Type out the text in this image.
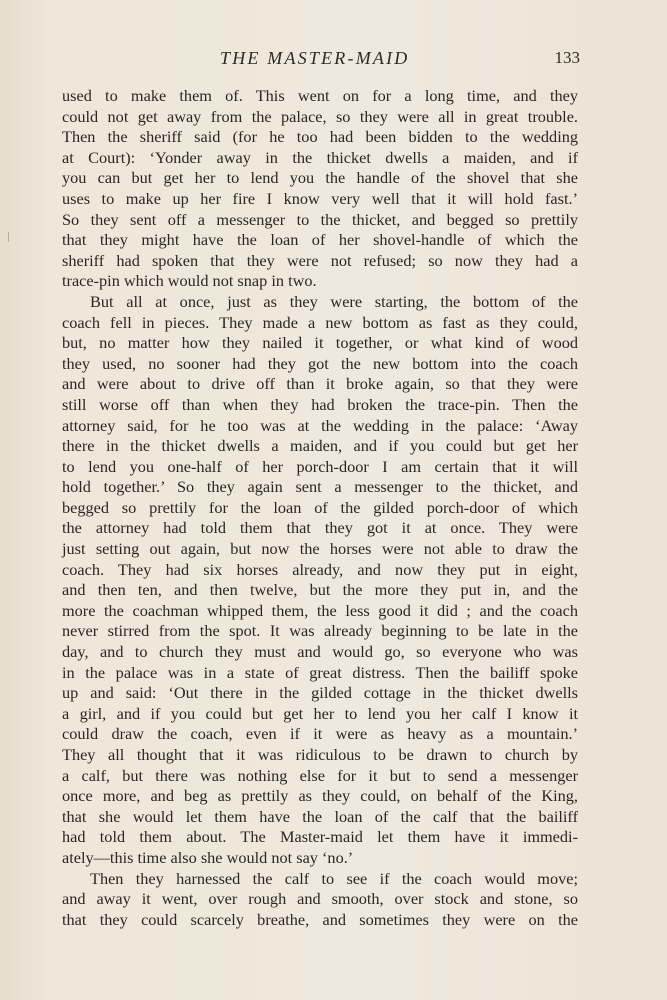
THE MASTER-MAID	133
used to make them of. This went on for a long time, and they
could not get away from the palace, so they were all in great trouble.
Then the sheriff said (for he too had been bidden to the wedding
at Court): ‘Yonder away in the thicket dwells a maiden, and if
you can but get her to lend you the handle of the shovel that she
uses to make up her fire I know very well that it will hold fast.’
So they sent off a messenger to the thicket, and begged so prettily
that they might have the loan of her shovel-handle of which the
sheriff had spoken that they were not refused; so now they had a
trace-pin which would not snap in two.
But all at once, just as they were starting, the bottom of the
coach fell in pieces. They made a new bottom as fast as they could,
but, no matter how they nailed it together, or what kind of wood
they used, no sooner had they got the new bottom into the coach
and were about to drive off than it broke again, so that they were
still worse off than when they had broken the trace-pin. Then the
attorney said, for he too was at the wedding in the palace: ‘Away
there in the thicket dwells a maiden, and if you could but get her
to lend you one-half of her porch-door I am certain that it will
hold together.’ So they again sent a messenger to the thicket, and
begged so prettily for the loan of the gilded porch-door of which
the attorney had told them that they got it at once. They were
just setting out again, but now the horses were not able to draw the
coach. They had six horses already, and now they put in eight,
and then ten, and then twelve, but the more they put in, and the
more the coachman whipped them, the less good it did ; and the coach
never stirred from the spot. It was already beginning to be late in the
day, and to church they must and would go, so everyone who was
in the palace was in a state of great distress. Then the bailiff spoke
up and said: ‘Out there in the gilded cottage in the thicket dwells
a girl, and if you could but get her to lend you her calf I know it
could draw the coach, even if it were as heavy as a mountain.’
They all thought that it was ridiculous to be drawn to church by
a calf, but there was nothing else for it but to send a messenger
once more, and beg as prettily as they could, on behalf of the King,
that she would let them have the loan of the calf that the bailiff
had told them about. The Master-maid let them have it immedi-
ately—this time also she would not say ‘no.’
Then they harnessed the calf to see if the coach would move;
and away it went, over rough and smooth, over stock and stone, so
that they could scarcely breathe, and sometimes they were on the
